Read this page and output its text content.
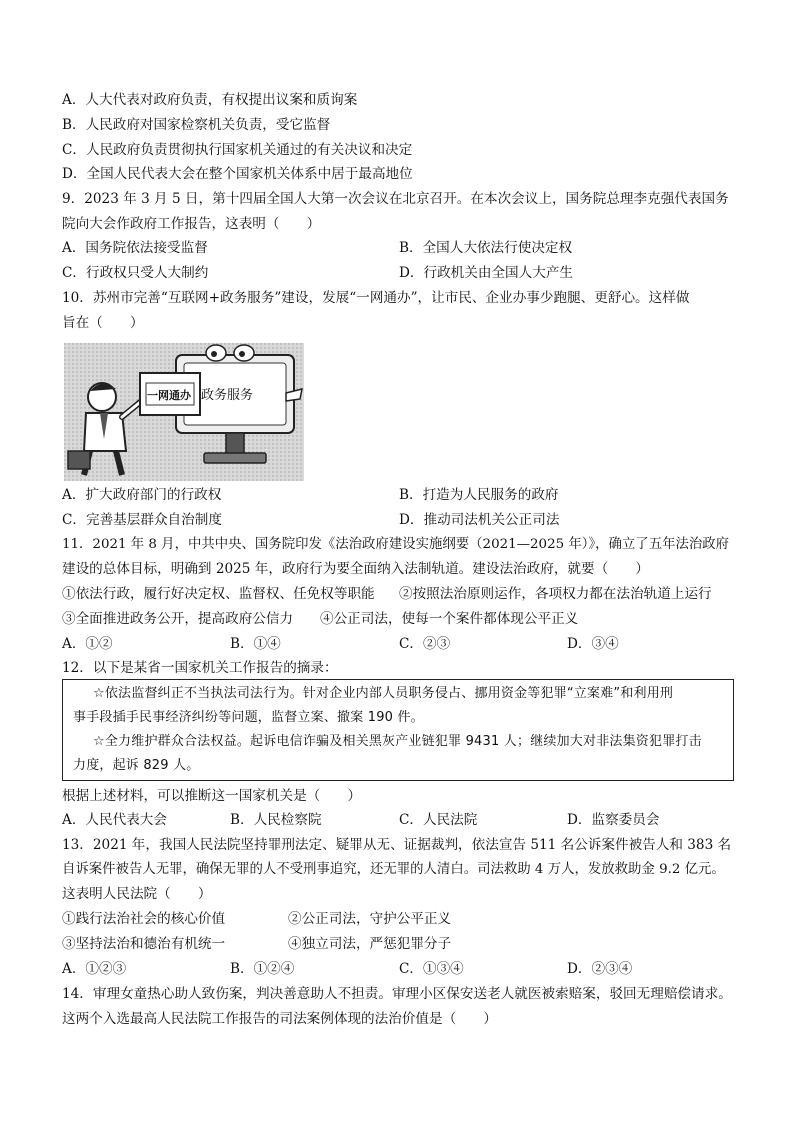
A．人大代表对政府负责，有权提出议案和质询案
B．人民政府对国家检察机关负责，受它监督
C．人民政府负责贯彻执行国家机关通过的有关决议和决定
D．全国人民代表大会在整个国家机关体系中居于最高地位
9．2023 年 3 月 5 日，第十四届全国人大第一次会议在北京召开。在本次会议上，国务院总理李克强代表国务
院向大会作政府工作报告，这表明（　　）
A．国务院依法接受监督	B．全国人大依法行使决定权
C．行政权只受人大制约	D．行政机关由全国人大产生
10．苏州市完善“互联网+政务服务”建设，发展“一网通办”，让市民、企业办事少跑腿、更舒心。这样做
旨在（　　）
政务服务
一网通办
A．扩大政府部门的行政权	B．打造为人民服务的政府
C．完善基层群众自治制度	D．推动司法机关公正司法
11．2021 年 8 月，中共中央、国务院印发《法治政府建设实施纲要（2021—2025 年）》，确立了五年法治政府
建设的总体目标，明确到 2025 年，政府行为要全面纳入法制轨道。建设法治政府，就要（　　）
①依法行政，履行好决定权、监督权、任免权等职能 ②按照法治原则运作，各项权力都在法治轨道上运行
③全面推进政务公开，提高政府公信力 ④公正司法，使每一个案件都体现公平正义
A．①②	B．①④	C．②③	D．③④
12．以下是某省一国家机关工作报告的摘录：
☆依法监督纠正不当执法司法行为。针对企业内部人员职务侵占、挪用资金等犯罪“立案难”和利用刑
事手段插手民事经济纠纷等问题，监督立案、撤案 190 件。
☆全力维护群众合法权益。起诉电信诈骗及相关黑灰产业链犯罪 9431 人；继续加大对非法集资犯罪打击
力度，起诉 829 人。
根据上述材料，可以推断这一国家机关是（　　）
A．人民代表大会	B．人民检察院	C．人民法院	D．监察委员会
13．2021 年，我国人民法院坚持罪刑法定、疑罪从无、证据裁判，依法宣告 511 名公诉案件被告人和 383 名
自诉案件被告人无罪，确保无罪的人不受刑事追究，还无罪的人清白。司法救助 4 万人，发放救助金 9.2 亿元。
这表明人民法院（　　）
①践行法治社会的核心价值	②公正司法，守护公平正义
③坚持法治和德治有机统一	④独立司法，严惩犯罪分子
A．①②③	B．①②④	C．①③④	D．②③④
14．审理女童热心助人致伤案，判决善意助人不担责。审理小区保安送老人就医被索赔案，驳回无理赔偿请求。
这两个入选最高人民法院工作报告的司法案例体现的法治价值是（　　）
